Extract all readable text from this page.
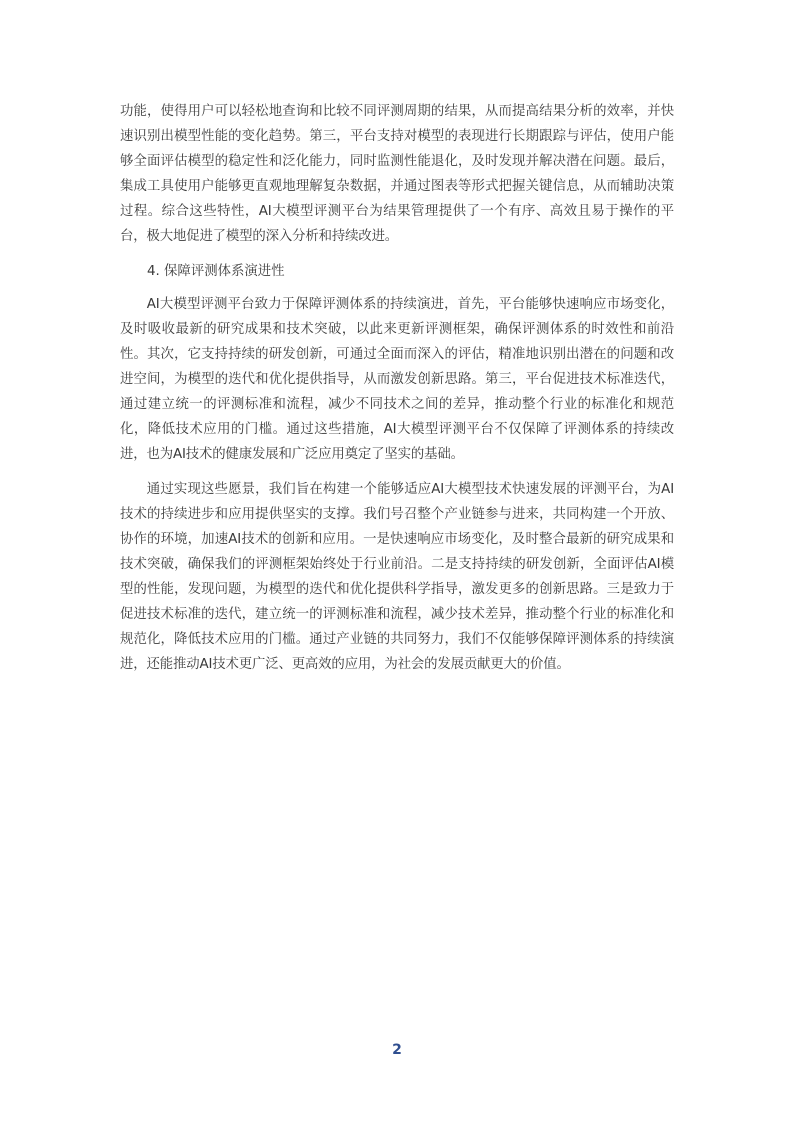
功能，使得用户可以轻松地查询和比较不同评测周期的结果，从而提高结果分析的效率，并快速识别出模型性能的变化趋势。第三，平台支持对模型的表现进行长期跟踪与评估，使用户能够全面评估模型的稳定性和泛化能力，同时监测性能退化，及时发现并解决潜在问题。最后，集成工具使用户能够更直观地理解复杂数据，并通过图表等形式把握关键信息，从而辅助决策过程。综合这些特性，AI大模型评测平台为结果管理提供了一个有序、高效且易于操作的平台，极大地促进了模型的深入分析和持续改进。

4. 保障评测体系演进性

AI大模型评测平台致力于保障评测体系的持续演进，首先，平台能够快速响应市场变化，及时吸收最新的研究成果和技术突破，以此来更新评测框架，确保评测体系的时效性和前沿性。其次，它支持持续的研发创新，可通过全面而深入的评估，精准地识别出潜在的问题和改进空间，为模型的迭代和优化提供指导，从而激发创新思路。第三，平台促进技术标准迭代，通过建立统一的评测标准和流程，减少不同技术之间的差异，推动整个行业的标准化和规范化，降低技术应用的门槛。通过这些措施，AI大模型评测平台不仅保障了评测体系的持续改进，也为AI技术的健康发展和广泛应用奠定了坚实的基础。

通过实现这些愿景，我们旨在构建一个能够适应AI大模型技术快速发展的评测平台，为AI技术的持续进步和应用提供坚实的支撑。我们号召整个产业链参与进来，共同构建一个开放、协作的环境，加速AI技术的创新和应用。一是快速响应市场变化，及时整合最新的研究成果和技术突破，确保我们的评测框架始终处于行业前沿。二是支持持续的研发创新，全面评估AI模型的性能，发现问题，为模型的迭代和优化提供科学指导，激发更多的创新思路。三是致力于促进技术标准的迭代，建立统一的评测标准和流程，减少技术差异，推动整个行业的标准化和规范化，降低技术应用的门槛。通过产业链的共同努力，我们不仅能够保障评测体系的持续演进，还能推动AI技术更广泛、更高效的应用，为社会的发展贡献更大的价值。

2
